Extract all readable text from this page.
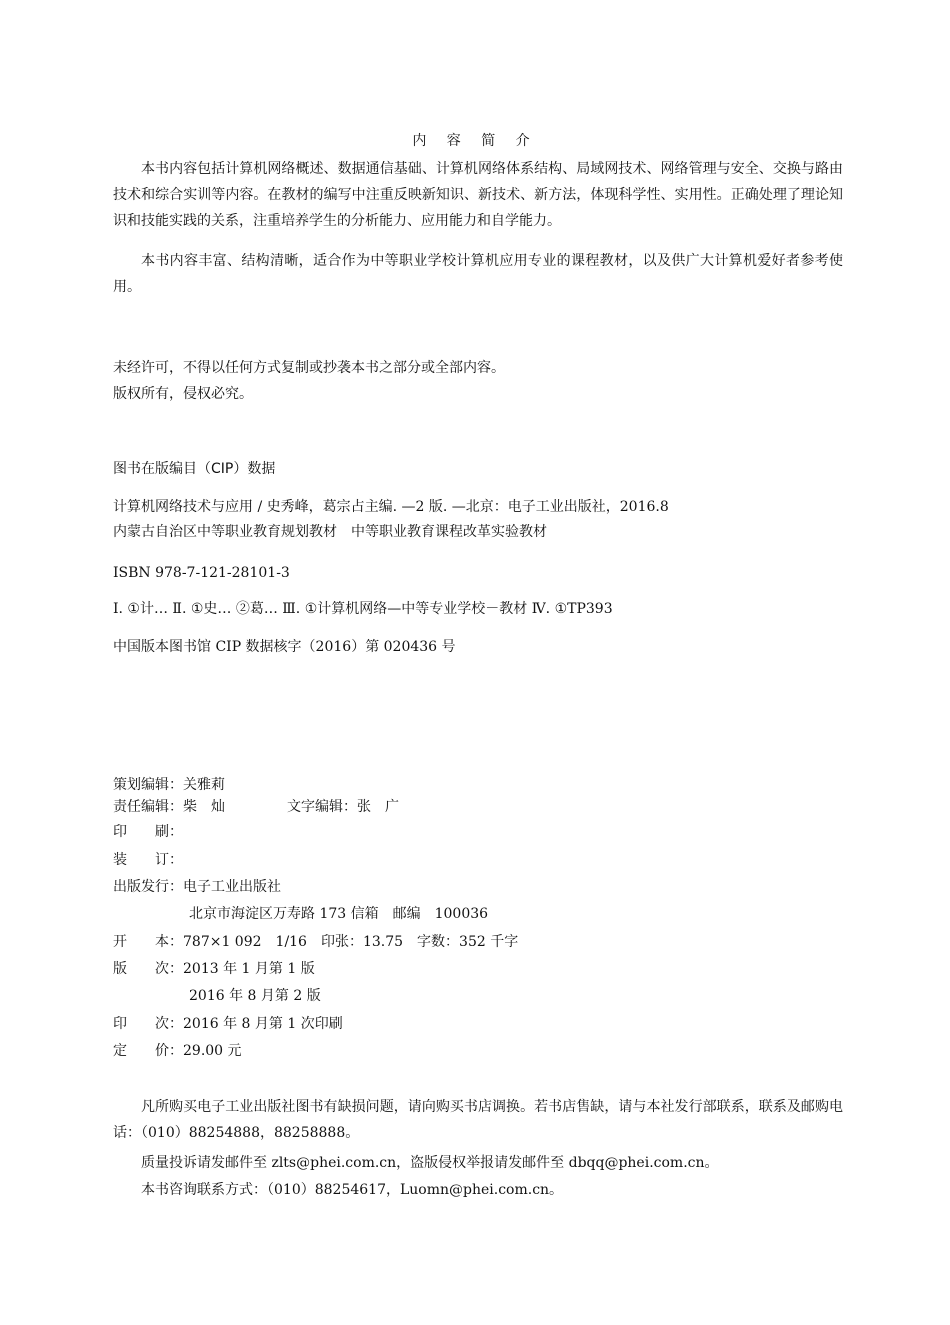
内 容 简 介

本书内容包括计算机网络概述、数据通信基础、计算机网络体系结构、局域网技术、网络管理与安全、交换与路由技术和综合实训等内容。在教材的编写中注重反映新知识、新技术、新方法，体现科学性、实用性。正确处理了理论知识和技能实践的关系，注重培养学生的分析能力、应用能力和自学能力。

本书内容丰富、结构清晰，适合作为中等职业学校计算机应用专业的课程教材，以及供广大计算机爱好者参考使用。

未经许可，不得以任何方式复制或抄袭本书之部分或全部内容。
版权所有，侵权必究。
图书在版编目（CIP）数据
计算机网络技术与应用 / 史秀峰，葛宗占主编. —2 版. —北京：电子工业出版社，2016.8
内蒙古自治区中等职业教育规划教材　中等职业教育课程改革实验教材
ISBN 978-7-121-28101-3
Ⅰ. ①计… Ⅱ. ①史… ②葛… Ⅲ. ①计算机网络—中等专业学校－教材 Ⅳ. ①TP393
中国版本图书馆 CIP 数据核字（2016）第 020436 号
策划编辑：关雅莉
责任编辑：柴　灿	文字编辑：张　广
印　　刷：
装　　订：
出版发行：电子工业出版社
北京市海淀区万寿路 173 信箱　邮编　100036
开　　本：787×1 092　1/16　印张：13.75　字数：352 千字
版　　次：2013 年 1 月第 1 版
2016 年 8 月第 2 版
印　　次：2016 年 8 月第 1 次印刷
定　　价：29.00 元

凡所购买电子工业出版社图书有缺损问题，请向购买书店调换。若书店售缺，请与本社发行部联系，联系及邮购电话：（010）88254888，88258888。

质量投诉请发邮件至 zlts@phei.com.cn，盗版侵权举报请发邮件至 dbqq@phei.com.cn。

本书咨询联系方式：（010）88254617，Luomn@phei.com.cn。
